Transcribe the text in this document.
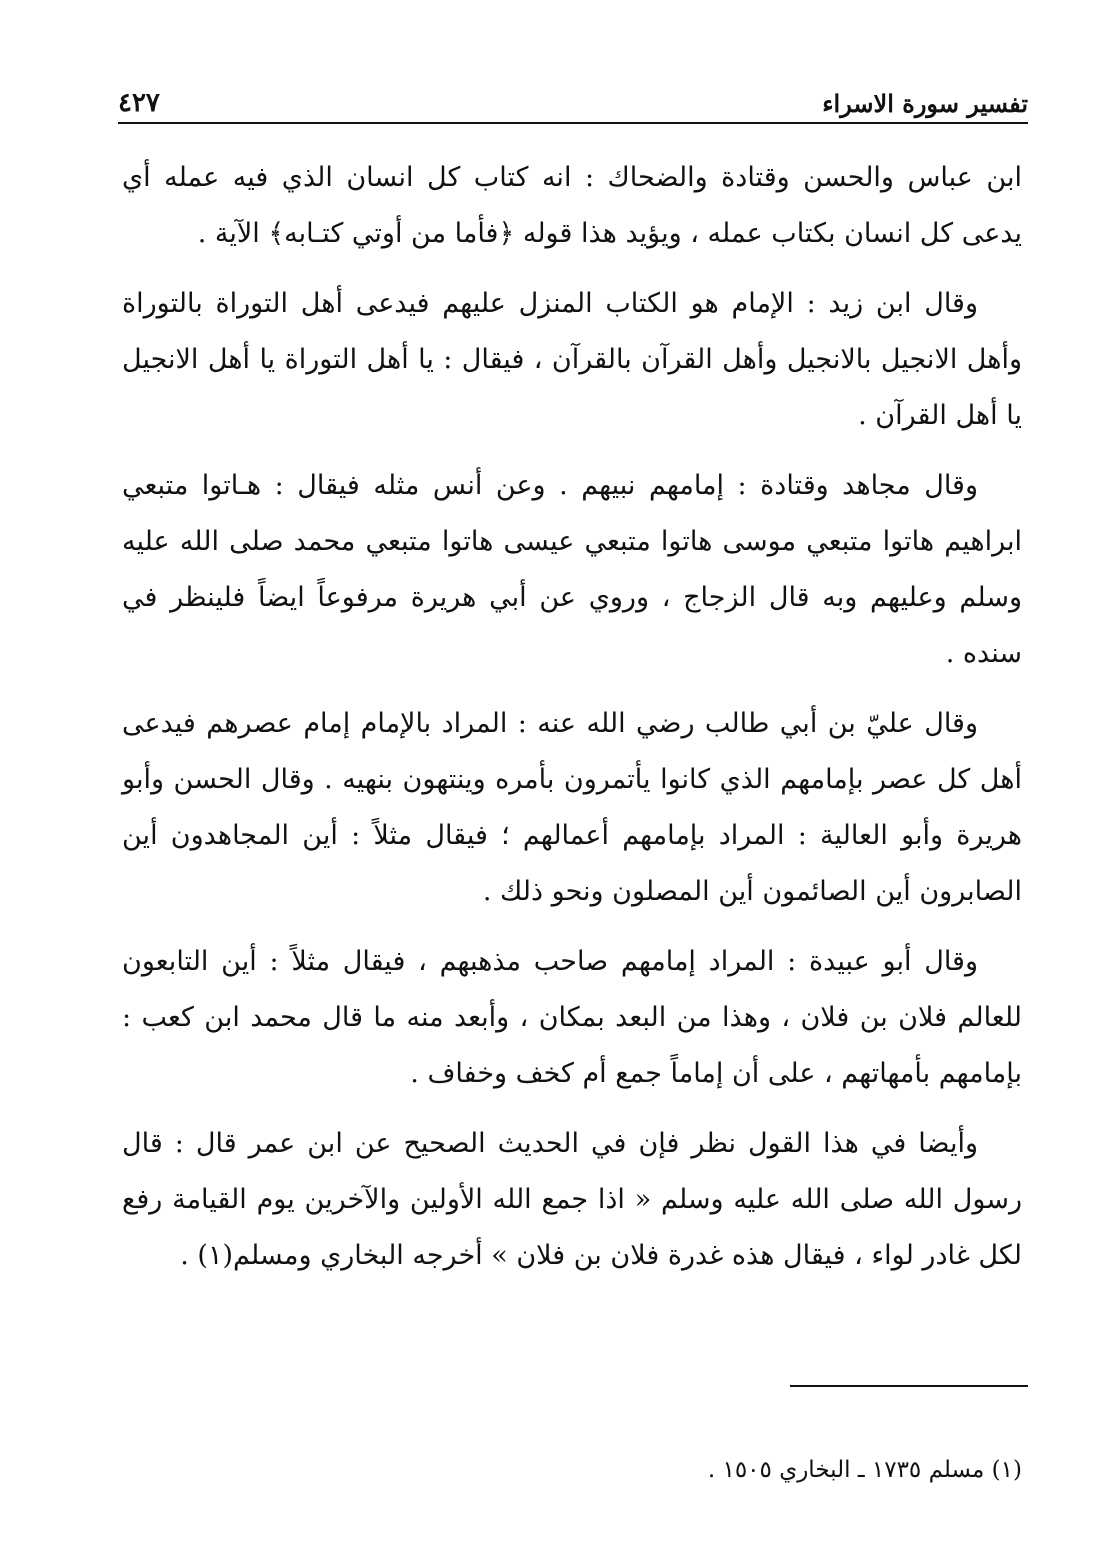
تفسير سورة الاسراء
٤٢٧

ابن عباس والحسن وقتادة والضحاك : انه كتاب كل انسان الذي فيه عمله أي يدعى كل انسان بكتاب عمله ، ويؤيد هذا قوله ﴿فأما من أوتي كتـابه﴾ الآية .

وقال ابن زيد : الإمام هو الكتاب المنزل عليهم فيدعى أهل التوراة بالتوراة وأهل الانجيل بالانجيل وأهل القرآن بالقرآن ، فيقال : يا أهل التوراة يا أهل الانجيل يا أهل القرآن .

وقال مجاهد وقتادة : إمامهم نبيهم . وعن أنس مثله فيقال : هـاتوا متبعي ابراهيم هاتوا متبعي موسى هاتوا متبعي عيسى هاتوا متبعي محمد صلى الله عليه وسلم وعليهم وبه قال الزجاج ، وروي عن أبي هريرة مرفوعاً ايضاً فلينظر في سنده .

وقال عليّ بن أبي طالب رضي الله عنه : المراد بالإمام إمام عصرهم فيدعى أهل كل عصر بإمامهم الذي كانوا يأتمرون بأمره وينتهون بنهيه . وقال الحسن وأبو هريرة وأبو العالية : المراد بإمامهم أعمالهم ؛ فيقال مثلاً : أين المجاهدون أين الصابرون أين الصائمون أين المصلون ونحو ذلك .

وقال أبو عبيدة : المراد إمامهم صاحب مذهبهم ، فيقال مثلاً : أين التابعون للعالم فلان بن فلان ، وهذا من البعد بمكان ، وأبعد منه ما قال محمد ابن كعب : بإمامهم بأمهاتهم ، على أن إماماً جمع أم كخف وخفاف .

وأيضا في هذا القول نظر فإن في الحديث الصحيح عن ابن عمر قال : قال رسول الله صلى الله عليه وسلم « اذا جمع الله الأولين والآخرين يوم القيامة رفع لكل غادر لواء ، فيقال هذه غدرة فلان بن فلان » أخرجه البخاري ومسلم(١) .

(١) مسلم ١٧٣٥ ـ البخاري ١٥٠٥ .
